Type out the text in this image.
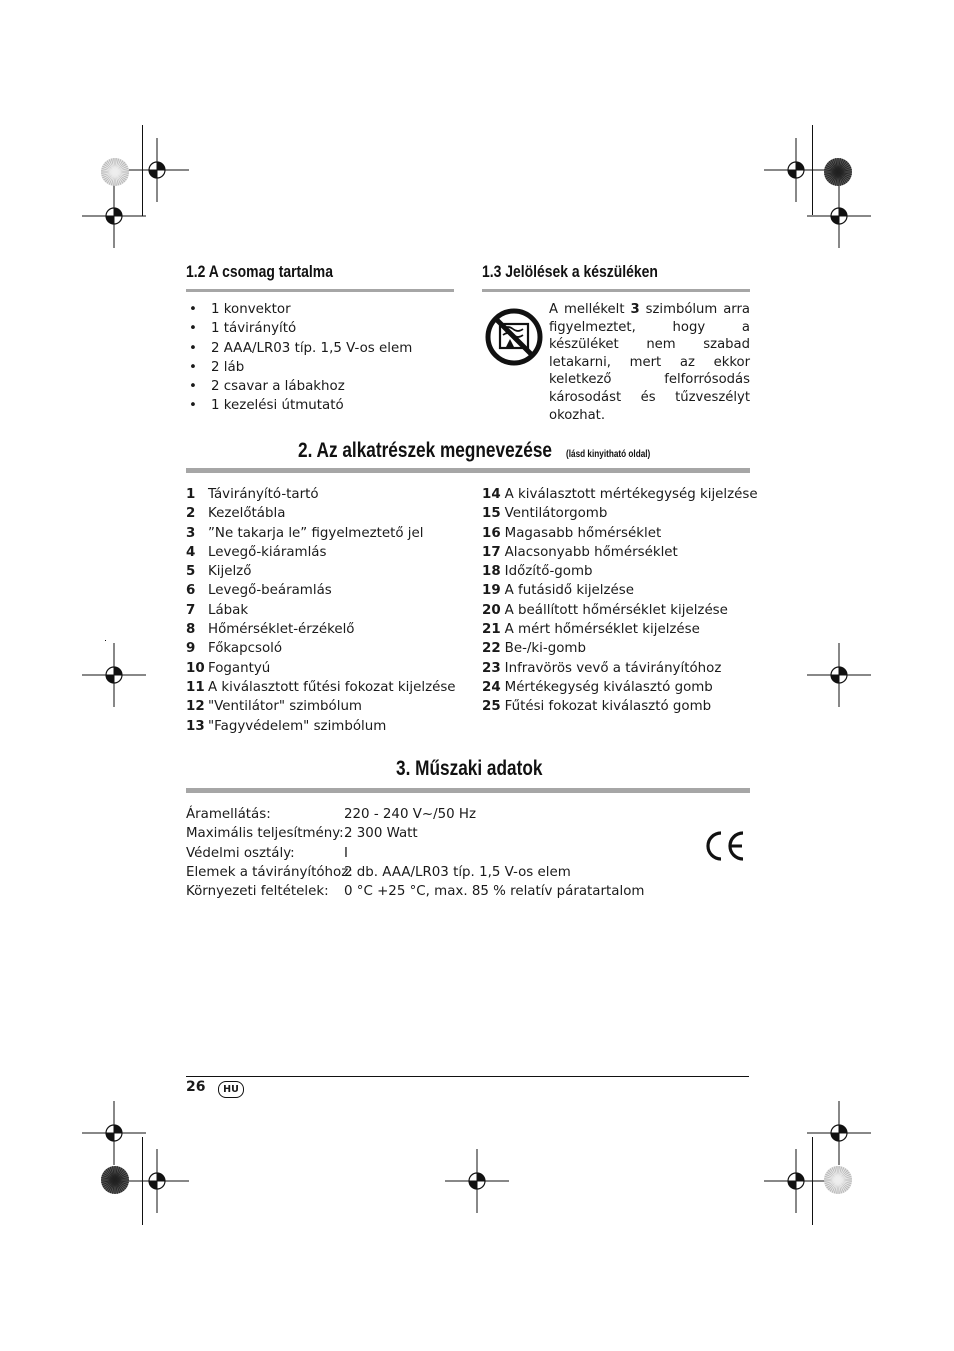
1.2 A csomag tartalma
• 1 konvektor
• 1 távirányító
• 2 AAA/LR03 típ. 1,5 V-os elem
• 2 láb
• 2 csavar a lábakhoz
• 1 kezelési útmutató
1.3 Jelölések a készüléken
A mellékelt 3 szimbólum arra figyelmeztet, hogy a készüléket nem szabad letakarni, mert az ekkor keletkező felforrósodás károsodást és tűzveszélyt okozhat.
2. Az alkatrészek megnevezése (lásd kinyitható oldal)
1 Távirányító-tartó
2 Kezelőtábla
3 ”Ne takarja le” figyelmeztető jel
4 Levegő-kiáramlás
5 Kijelző
6 Levegő-beáramlás
7 Lábak
8 Hőmérséklet-érzékelő
9 Főkapcsoló
10 Fogantyú
11 A kiválasztott fűtési fokozat kijelzése
12 "Ventilátor" szimbólum
13 "Fagyvédelem" szimbólum
14 A kiválasztott mértékegység kijelzése
15 Ventilátorgomb
16 Magasabb hőmérséklet
17 Alacsonyabb hőmérséklet
18 Időzítő-gomb
19 A futásidő kijelzése
20 A beállított hőmérséklet kijelzése
21 A mért hőmérséklet kijelzése
22 Be-/ki-gomb
23 Infravörös vevő a távirányítóhoz
24 Mértékegység kiválasztó gomb
25 Fűtési fokozat kiválasztó gomb
3. Műszaki adatok
Áramellátás:	220 - 240 V~/50 Hz
Maximális teljesítmény:2 300 Watt
Védelmi osztály:	I
Elemek a távirányítóhoz:2 db. AAA/LR03 típ. 1,5 V-os elem
Környezeti feltételek: 0 °C +25 °C, max. 85 % relatív páratartalom
26	HU
